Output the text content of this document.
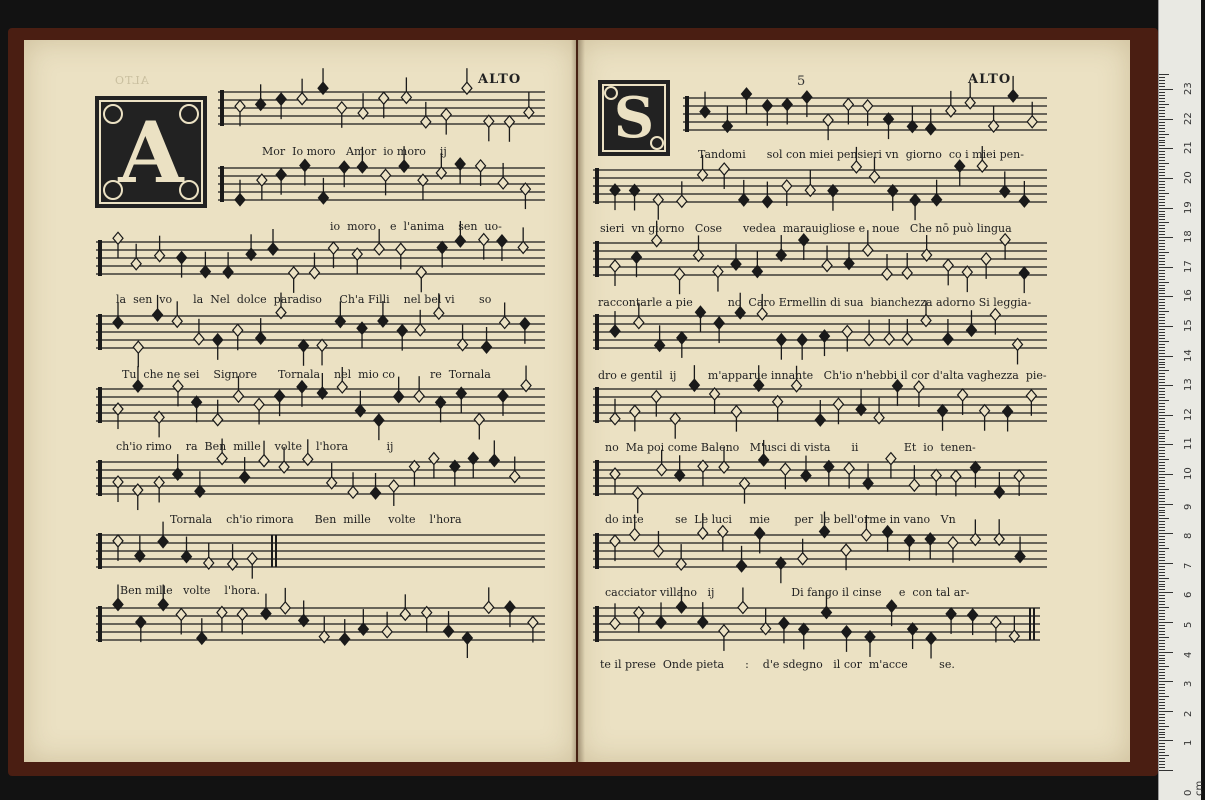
ALTO	ALTO	5	ALTO
A	S
Mor  Io moro   Amor  io moro    ij
io  moro    e  l'anima    sen  uo-
la  sen  vo      la  Nel  dolce  paradiso     Ch'a Filli    nel bel vi       so
Tu  che ne sei    Signore      Tornala    nel  mio co          re  Tornala
ch'io rimo    ra  Ben  mille    volte    l'hora           ij
Tornala    ch'io rimora      Ben  mille     volte    l'hora
Ben mille   volte    l'hora.
Tandomi      sol con miei pensieri vn  giorno  co i miei pen-
sieri  vn giorno   Cose      vedea  marauigliose e  noue   Che nō può lingua
raccontarle a pie          no  Caro Ermellin di sua  bianchezza adorno Si leggia-
dro e gentil  ij         m'apparue innante   Ch'io n'hebbi il cor d'alta vaghezza  pie-
no  Ma poi come Baleno   M'usci di vista      ii             Et  io  tenen-
do inte         se  Le luci     mie       per  le bell'orme in vano   Vn
cacciator villano   ij                      Di fango il cinse     e  con tal ar-
te il prese  Onde pieta      :    d'e sdegno   il cor  m'acce         se.
1
2
3
4
5
6
7
8
9
10
11
12
13
14
15
16
17
18
19
20
21
22
23
0 cm
